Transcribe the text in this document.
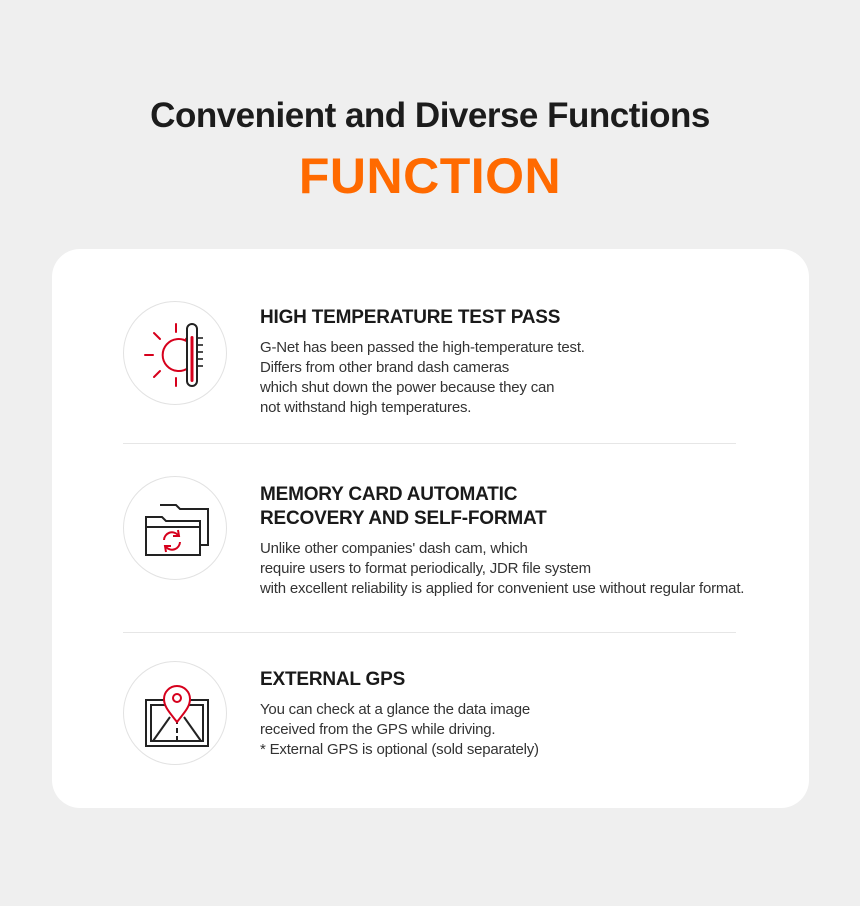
Convenient and Diverse Functions
FUNCTION
HIGH TEMPERATURE TEST PASS

G-Net has been passed the high-temperature test.
Differs from other brand dash cameras
which shut down the power because they can
not withstand high temperatures.

MEMORY CARD AUTOMATIC
RECOVERY AND SELF-FORMAT

Unlike other companies' dash cam, which
require users to format periodically, JDR file system
with excellent reliability is applied for convenient use without regular format.

EXTERNAL GPS

You can check at a glance the data image
received from the GPS while driving.
* External GPS is optional (sold separately)
